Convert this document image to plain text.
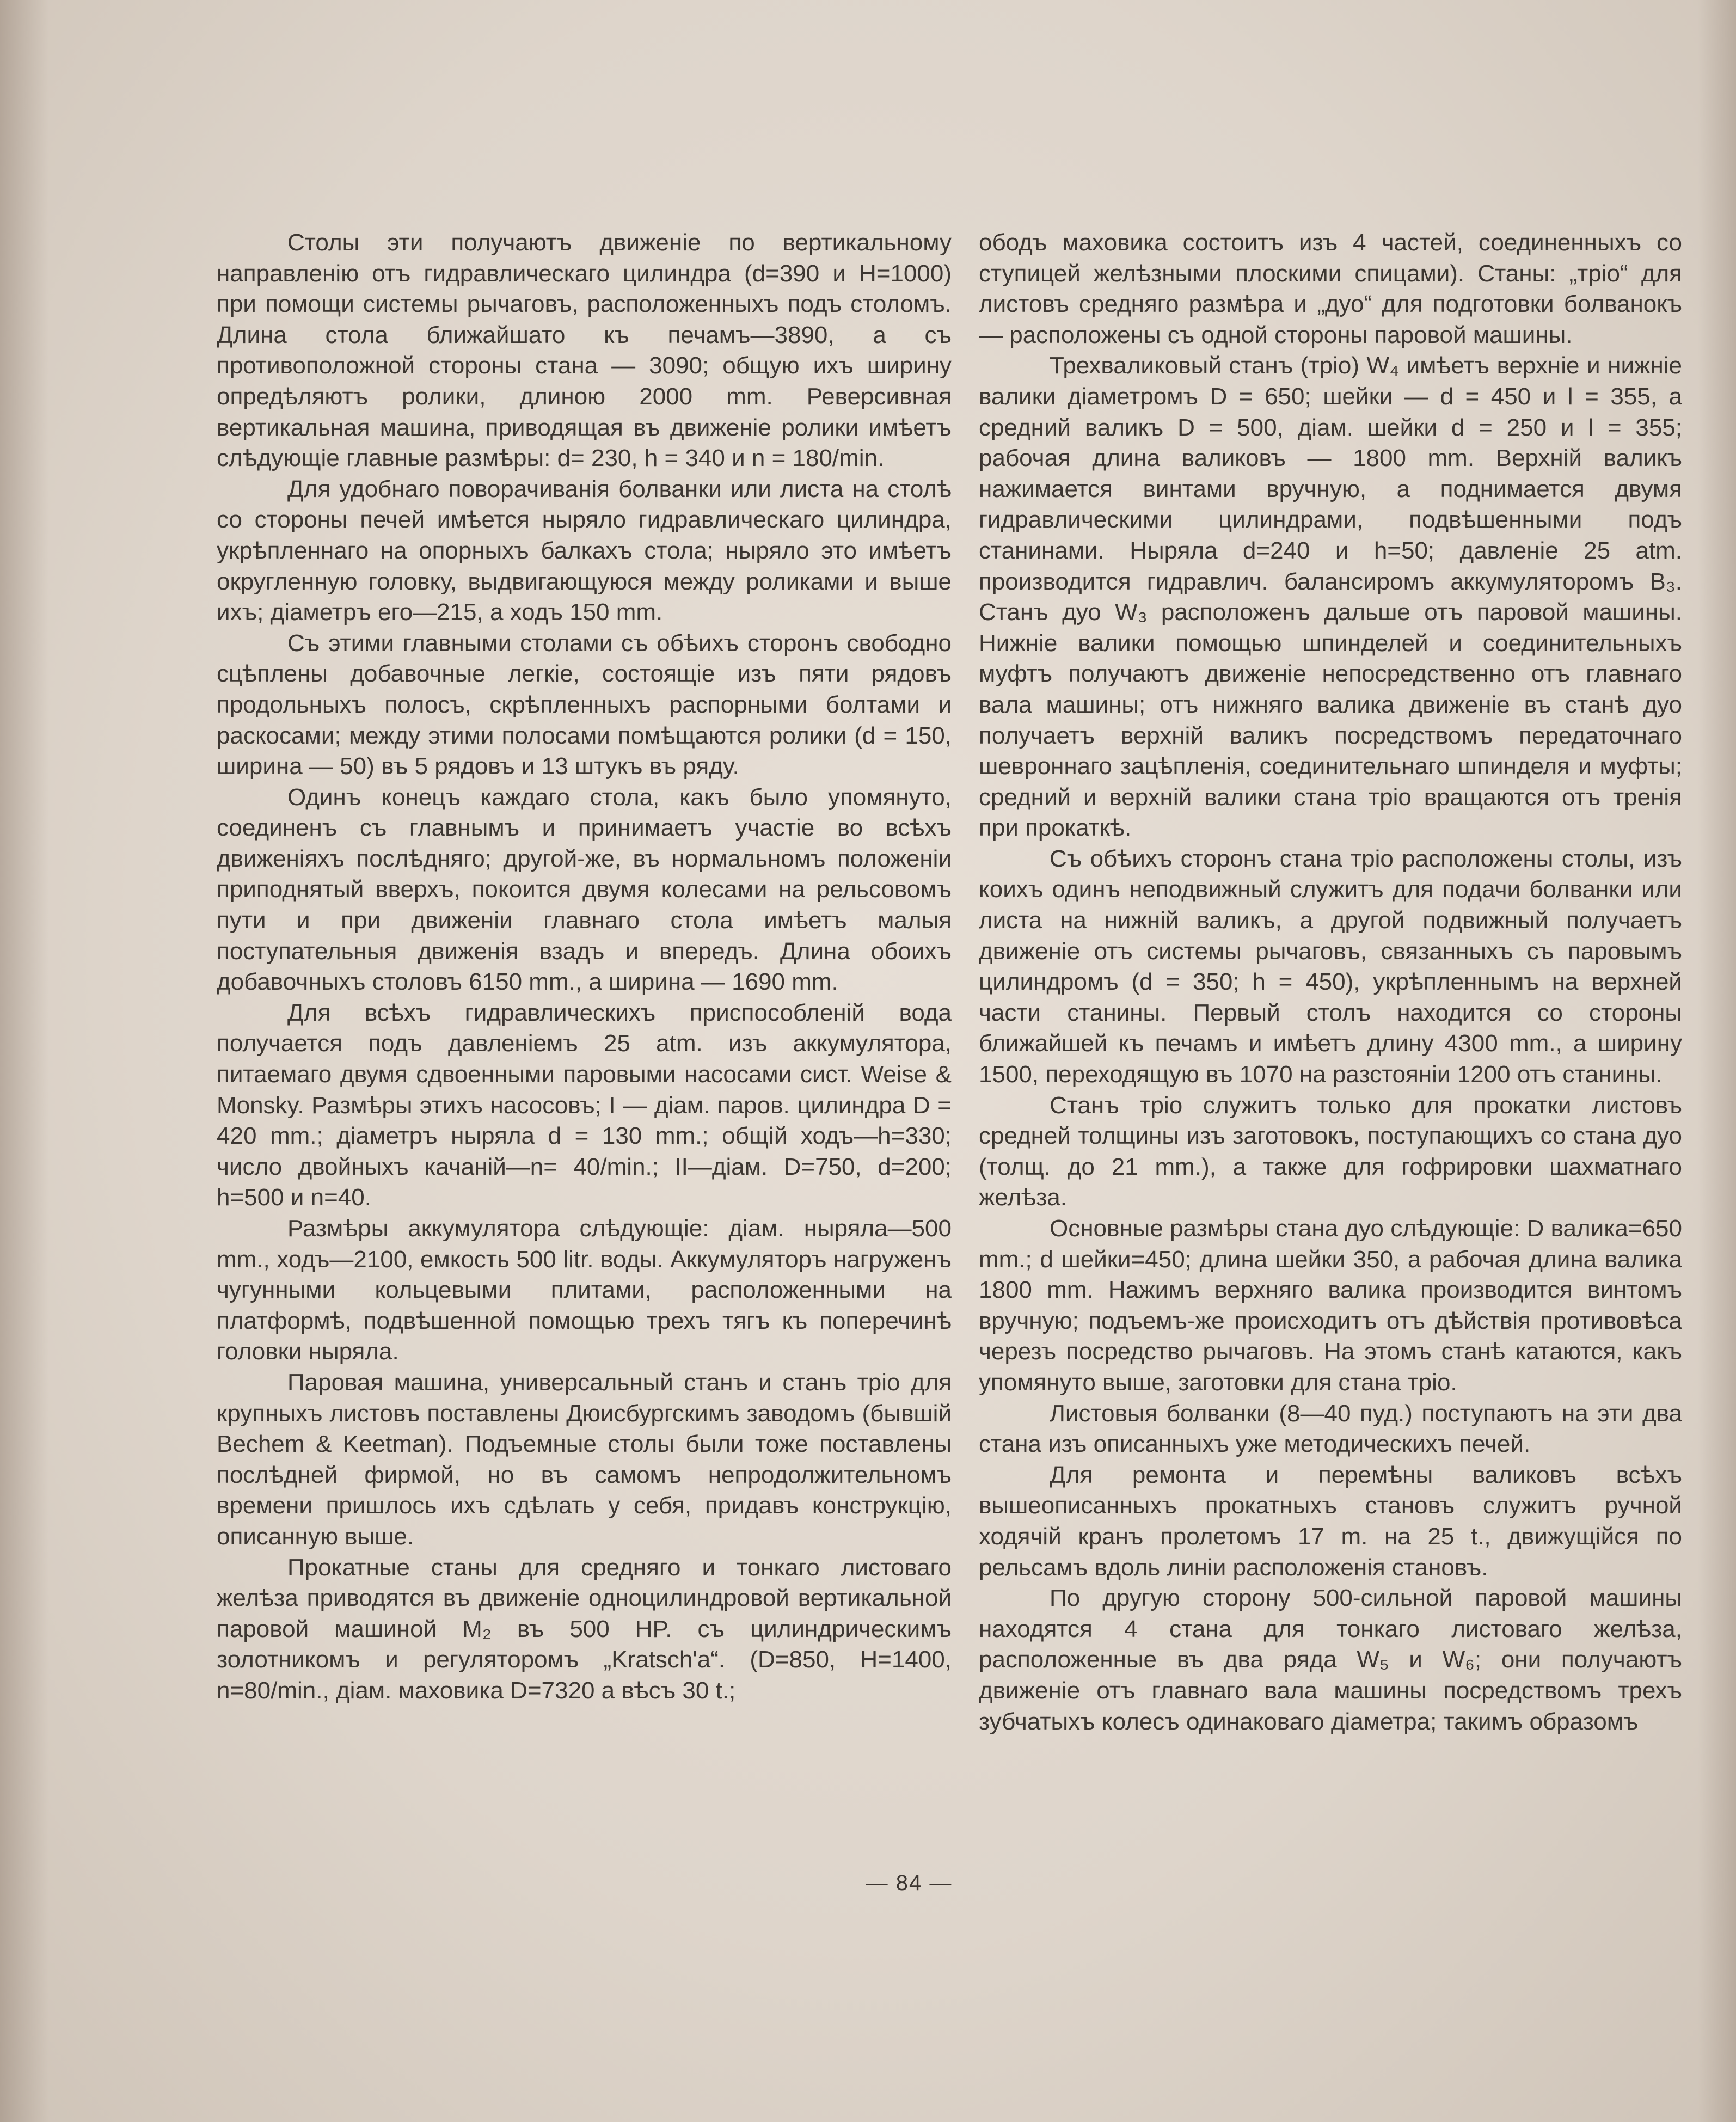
Столы эти получаютъ движенiе по вертикальному направленiю отъ гидравлическаго цилиндра (d=390 и H=1000) при помощи системы рычаговъ, расположенныхъ подъ столомъ. Длина стола ближайшато къ печамъ—3890, а съ противоположной стороны стана — 3090; общую ихъ ширину опредѣляютъ ролики, длиною 2000 mm. Реверсивная вертикальная машина, приводящая въ движенiе ролики имѣетъ слѣдующiе главные размѣры: d= 230, h = 340 и n = 180/min.

Для удобнаго поворачиванiя болванки или листа на столѣ со стороны печей имѣется ныряло гидравлическаго цилиндра, укрѣпленнаго на опорныхъ балкахъ стола; ныряло это имѣетъ округленную головку, выдвигающуюся между роликами и выше ихъ; дiаметръ его—215, а ходъ 150 mm.

Съ этими главными столами съ обѣихъ сторонъ свободно сцѣплены добавочные легкiе, состоящiе изъ пяти рядовъ продольныхъ полосъ, скрѣпленныхъ распорными болтами и раскосами; между этими полосами помѣщаются ролики (d = 150, ширина — 50) въ 5 рядовъ и 13 штукъ въ ряду.

Одинъ конецъ каждаго стола, какъ было упомянуто, соединенъ съ главнымъ и принимаетъ участiе во всѣхъ движенiяхъ послѣдняго; другой-же, въ нормальномъ положенiи приподнятый вверхъ, покоится двумя колесами на рельсовомъ пути и при движенiи главнаго стола имѣетъ малыя поступательныя движенiя взадъ и впередъ. Длина обоихъ добавочныхъ столовъ 6150 mm., а ширина — 1690 mm.

Для всѣхъ гидравлическихъ приспособленiй вода получается подъ давленiемъ 25 atm. изъ аккумулятора, питаемаго двумя сдвоенными паровыми насосами сист. Weise & Monsky. Размѣры этихъ насосовъ; I — дiам. паров. цилиндра D = 420 mm.; дiаметръ ныряла d = 130 mm.; общiй ходъ—h=330; число двойныхъ качанiй—n= 40/min.; II—дiам. D=750, d=200; h=500 и n=40.

Размѣры аккумулятора слѣдующiе: дiам. ныряла—500 mm., ходъ—2100, емкость 500 litr. воды. Аккумуляторъ нагруженъ чугунными кольцевыми плитами, расположенными на платформѣ, подвѣшенной помощью трехъ тягъ къ поперечинѣ головки ныряла.

Паровая машина, универсальный станъ и станъ трiо для крупныхъ листовъ поставлены Дюисбургскимъ заводомъ (бывшiй Bechem & Keetman). Подъемные столы были тоже поставлены послѣдней фирмой, но въ самомъ непродолжительномъ времени пришлось ихъ сдѣлать у себя, придавъ конструкцiю, описанную выше.

Прокатные станы для средняго и тонкаго листоваго желѣза приводятся въ движенiе одноцилиндровой вертикальной паровой машиной M₂ въ 500 HP. съ цилиндрическимъ золотникомъ и регуляторомъ „Kratsch'a“. (D=850, H=1400, n=80/min., дiам. маховика D=7320 а вѣсъ 30 t.;

ободъ маховика состоитъ изъ 4 частей, соединенныхъ со ступицей желѣзными плоскими спицами). Станы: „трiо“ для листовъ средняго размѣра и „дуо“ для подготовки болванокъ — расположены съ одной стороны паровой машины.

Трехваликовый станъ (трiо) W₄ имѣетъ верхнiе и нижнiе валики дiаметромъ D = 650; шейки — d = 450 и l = 355, а средний валикъ D = 500, дiам. шейки d = 250 и l = 355; рабочая длина валиковъ — 1800 mm. Верхнiй валикъ нажимается винтами вручную, а поднимается двумя гидравлическими цилиндрами, подвѣшенными подъ станинами. Ныряла d=240 и h=50; давленiе 25 atm. производится гидравлич. балансиромъ аккумуляторомъ B₃. Станъ дуо W₃ расположенъ дальше отъ паровой машины. Нижнiе валики помощью шпинделей и соединительныхъ муфтъ получаютъ движенiе непосредственно отъ главнаго вала машины; отъ нижняго валика движенiе въ станѣ дуо получаетъ верхнiй валикъ посредствомъ передаточнаго шевроннаго зацѣпленiя, соединительнаго шпинделя и муфты; средний и верхнiй валики стана трiо вращаются отъ тренiя при прокаткѣ.

Съ обѣихъ сторонъ стана трiо расположены столы, изъ коихъ одинъ неподвижный служитъ для подачи болванки или листа на нижнiй валикъ, а другой подвижный получаетъ движенiе отъ системы рычаговъ, связанныхъ съ паровымъ цилиндромъ (d = 350; h = 450), укрѣпленнымъ на верхней части станины. Первый столъ находится со стороны ближайшей къ печамъ и имѣетъ длину 4300 mm., а ширину 1500, переходящую въ 1070 на разстоянiи 1200 отъ станины.

Станъ трiо служитъ только для прокатки листовъ средней толщины изъ заготовокъ, поступающихъ со стана дуо (толщ. до 21 mm.), а также для гофрировки шахматнаго желѣза.

Основные размѣры стана дуо слѣдующiе: D валика=650 mm.; d шейки=450; длина шейки 350, а рабочая длина валика 1800 mm. Нажимъ верхняго валика производится винтомъ вручную; подъемъ-же происходитъ отъ дѣйствiя противовѣса черезъ посредство рычаговъ. На этомъ станѣ катаются, какъ упомянуто выше, заготовки для стана трiо.

Листовыя болванки (8—40 пуд.) поступаютъ на эти два стана изъ описанныхъ уже методическихъ печей.

Для ремонта и перемѣны валиковъ всѣхъ вышеописанныхъ прокатныхъ становъ служитъ ручной ходячiй кранъ пролетомъ 17 m. на 25 t., движущiйся по рельсамъ вдоль линiи расположенiя становъ.

По другую сторону 500-сильной паровой машины находятся 4 стана для тонкаго листоваго желѣза, расположенные въ два ряда W₅ и W₆; они получаютъ движенiе отъ главнаго вала машины посредствомъ трехъ зубчатыхъ колесъ одинаковаго дiаметра; такимъ образомъ

— 84 —
